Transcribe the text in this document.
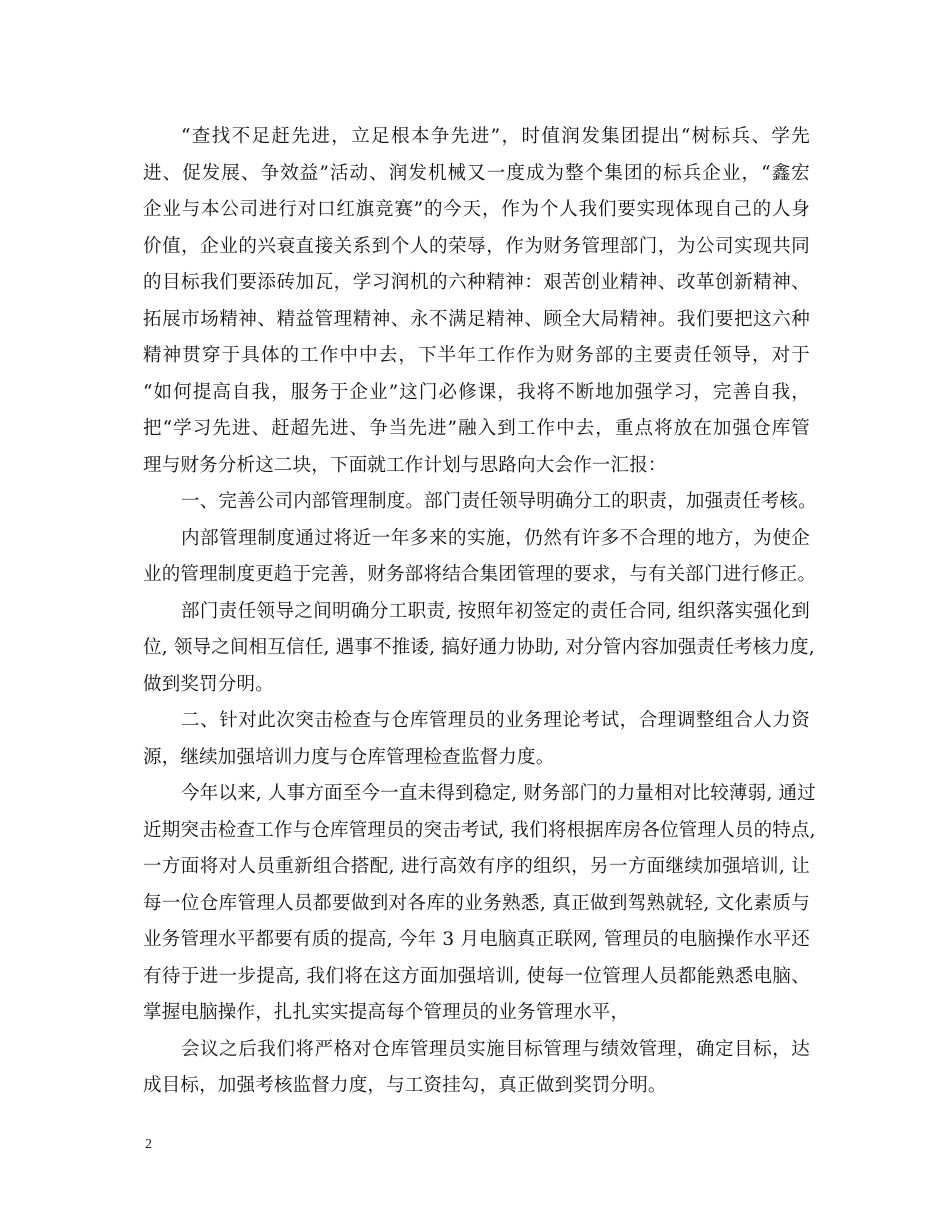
“查找不足赶先进，立足根本争先进”，时值润发集团提出“树标兵、学先
进、促发展、争效益”活动、润发机械又一度成为整个集团的标兵企业，“鑫宏
企业与本公司进行对口红旗竞赛”的今天，作为个人我们要实现体现自己的人身
价值，企业的兴衰直接关系到个人的荣辱，作为财务管理部门，为公司实现共同
的目标我们要添砖加瓦，学习润机的六种精神：艰苦创业精神、改革创新精神、
拓展市场精神、精益管理精神、永不满足精神、顾全大局精神。我们要把这六种
精神贯穿于具体的工作中中去，下半年工作作为财务部的主要责任领导，对于
“如何提高自我，服务于企业”这门必修课，我将不断地加强学习，完善自我，
把“学习先进、赶超先进、争当先进”融入到工作中去，重点将放在加强仓库管
理与财务分析这二块，下面就工作计划与思路向大会作一汇报：
一、完善公司内部管理制度。部门责任领导明确分工的职责，加强责任考核。
内部管理制度通过将近一年多来的实施，仍然有许多不合理的地方，为使企
业的管理制度更趋于完善，财务部将结合集团管理的要求，与有关部门进行修正。
部门责任领导之间明确分工职责, 按照年初签定的责任合同, 组织落实强化到
位, 领导之间相互信任, 遇事不推诿, 搞好通力协助, 对分管内容加强责任考核力度,
做到奖罚分明。
二、针对此次突击检查与仓库管理员的业务理论考试，合理调整组合人力资
源，继续加强培训力度与仓库管理检查监督力度。
今年以来, 人事方面至今一直未得到稳定, 财务部门的力量相对比较薄弱, 通过
近期突击检查工作与仓库管理员的突击考试, 我们将根据库房各位管理人员的特点,
一方面将对人员重新组合搭配, 进行高效有序的组织，另一方面继续加强培训, 让
每一位仓库管理人员都要做到对各库的业务熟悉, 真正做到驾熟就轻, 文化素质与
业务管理水平都要有质的提高, 今年 3 月电脑真正联网, 管理员的电脑操作水平还
有待于进一步提高, 我们将在这方面加强培训, 使每一位管理人员都能熟悉电脑、
掌握电脑操作，扎扎实实提高每个管理员的业务管理水平，
会议之后我们将严格对仓库管理员实施目标管理与绩效管理，确定目标，达
成目标，加强考核监督力度，与工资挂勾，真正做到奖罚分明。
2
